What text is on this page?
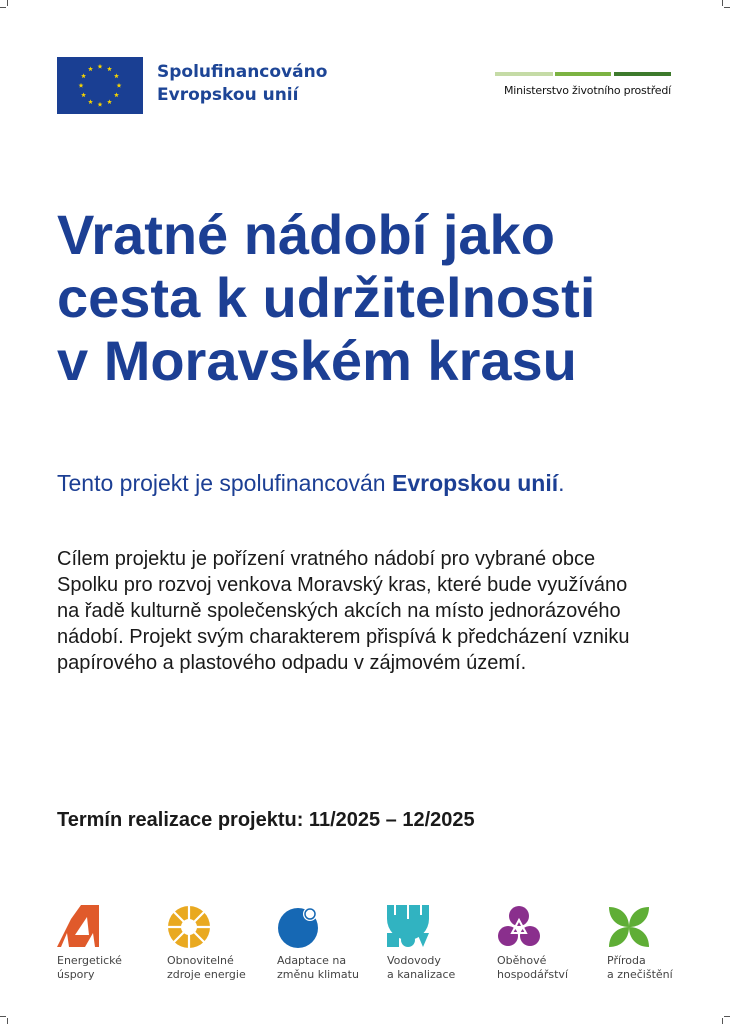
Spolufinancováno
Evropskou unií	Ministerstvo životního prostředí
Vratné nádobí jako
cesta k udržitelnosti
v Moravském krasu

Tento projekt je spolufinancován Evropskou unií.

Cílem projektu je pořízení vratného nádobí pro vybrané obce
Spolku pro rozvoj venkova Moravský kras, které bude využíváno
na řadě kulturně společenských akcích na místo jednorázového
nádobí. Projekt svým charakterem přispívá k předcházení vzniku
papírového a plastového odpadu v zájmovém území.
Termín realizace projektu: 11/2025 – 12/2025
Energetické
úspory
Obnovitelné
zdroje energie
Adaptace na
změnu klimatu
Vodovody
a kanalizace
Oběhové
hospodářství
Příroda
a znečištění
